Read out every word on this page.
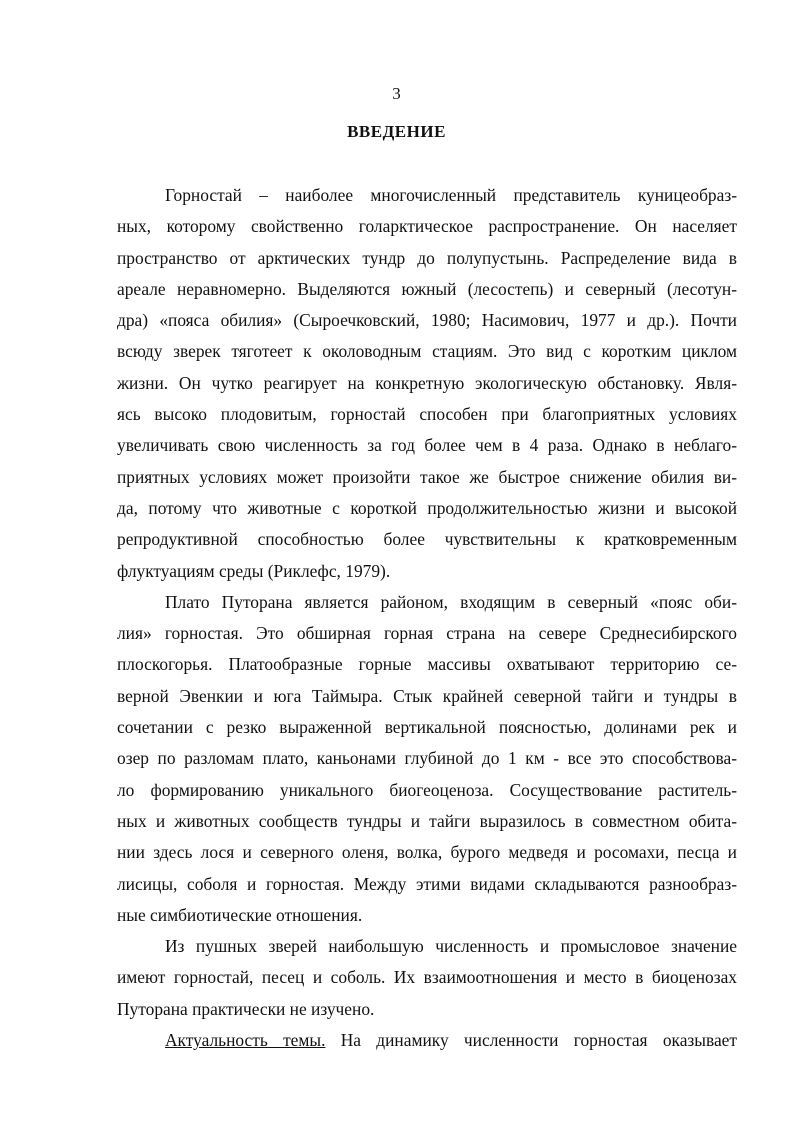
3
ВВЕДЕНИЕ
Горностай – наиболее многочисленный представитель куницеобраз-
ных, которому свойственно голарктическое распространение. Он населяет
пространство от арктических тундр до полупустынь. Распределение вида в
ареале неравномерно. Выделяются южный (лесостепь) и северный (лесотун-
дра) «пояса обилия» (Сыроечковский, 1980; Насимович, 1977 и др.). Почти
всюду зверек тяготеет к околоводным стациям. Это вид с коротким циклом
жизни. Он чутко реагирует на конкретную экологическую обстановку. Явля-
ясь высоко плодовитым, горностай способен при благоприятных условиях
увеличивать свою численность за год более чем в 4 раза. Однако в неблаго-
приятных условиях может произойти такое же быстрое снижение обилия ви-
да, потому что животные с короткой продолжительностью жизни и высокой
репродуктивной способностью более чувствительны к кратковременным
флуктуациям среды (Риклефс, 1979).
Плато Путорана является районом, входящим в северный «пояс оби-
лия» горностая. Это обширная горная страна на севере Среднесибирского
плоскогорья. Платообразные горные массивы охватывают территорию се-
верной Эвенкии и юга Таймыра. Стык крайней северной тайги и тундры в
сочетании с резко выраженной вертикальной поясностью, долинами рек и
озер по разломам плато, каньонами глубиной до 1 км - все это способствова-
ло формированию уникального биогеоценоза. Сосуществование раститель-
ных и животных сообществ тундры и тайги выразилось в совместном обита-
нии здесь лося и северного оленя, волка, бурого медведя и росомахи, песца и
лисицы, соболя и горностая. Между этими видами складываются разнообраз-
ные симбиотические отношения.
Из пушных зверей наибольшую численность и промысловое значение
имеют горностай, песец и соболь. Их взаимоотношения и место в биоценозах
Путорана практически не изучено.
Актуальность темы. На динамику численности горностая оказывает
